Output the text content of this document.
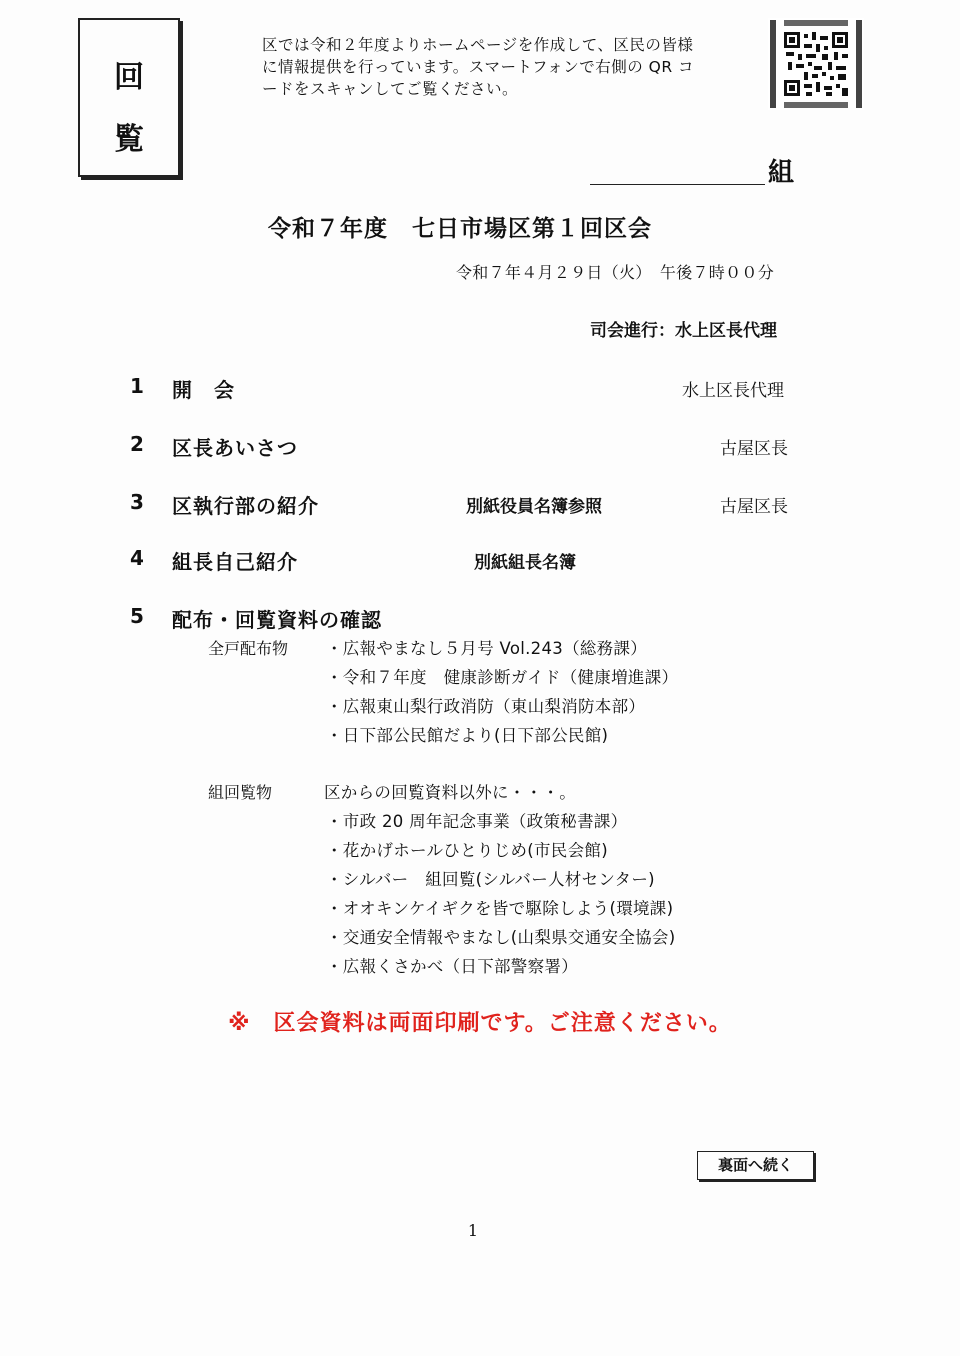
回
覧
区では令和２年度よりホームページを作成して、区民の皆様
に情報提供を行っています。スマートフォンで右側の QR コ
ードをスキャンしてご覧ください。
組
令和７年度　七日市場区第１回区会
令和７年４月２９日（火）　午後７時００分
司会進行：水上区長代理
1 開　会	水上区長代理
2 区長あいさつ	古屋区長
3 区執行部の紹介	別紙役員名簿参照	古屋区長
4 組長自己紹介	別紙組長名簿
5 配布・回覧資料の確認
全戸配布物 ・広報やまなし５月号 Vol.243（総務課）
・令和７年度　健康診断ガイド（健康増進課）
・広報東山梨行政消防（東山梨消防本部）
・日下部公民館だより(日下部公民館)
組回覧物	区からの回覧資料以外に・・・。
・市政 20 周年記念事業（政策秘書課）
・花かげホールひとりじめ(市民会館)
・シルバー　組回覧(シルバー人材センター)
・オオキンケイギクを皆で駆除しよう(環境課)
・交通安全情報やまなし(山梨県交通安全協会)
・広報くさかべ（日下部警察署）
※　区会資料は両面印刷です。ご注意ください。
裏面へ続く
1
